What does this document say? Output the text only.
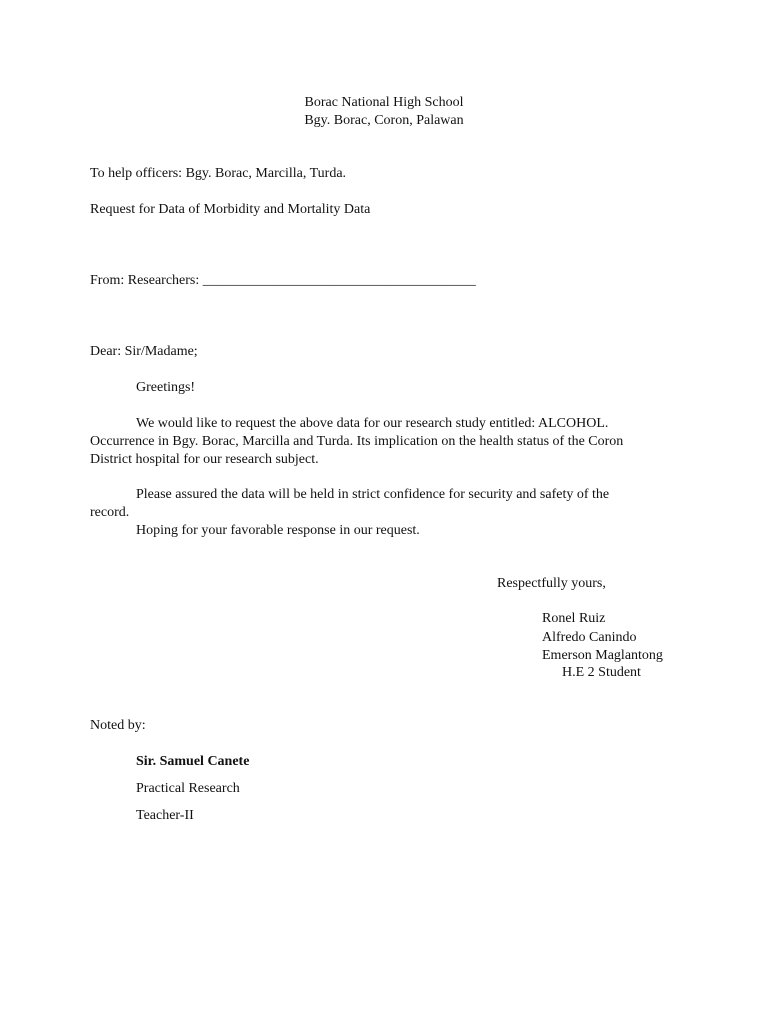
Borac National High School
Bgy. Borac, Coron, Palawan
To help officers: Bgy. Borac, Marcilla, Turda.
Request for Data of Morbidity and Mortality Data
From: Researchers: _______________________________________
Dear: Sir/Madame;
Greetings!
We would like to request the above data for our research study entitled: ALCOHOL.
Occurrence in Bgy. Borac, Marcilla and Turda. Its implication on the health status of the Coron
District hospital for our research subject.
Please assured the data will be held in strict confidence for security and safety of the
record.
Hoping for your favorable response in our request.
Respectfully yours,
Ronel Ruiz
Alfredo Canindo
Emerson Maglantong
H.E 2 Student
Noted by:
Sir. Samuel Canete
Practical Research
Teacher-II
